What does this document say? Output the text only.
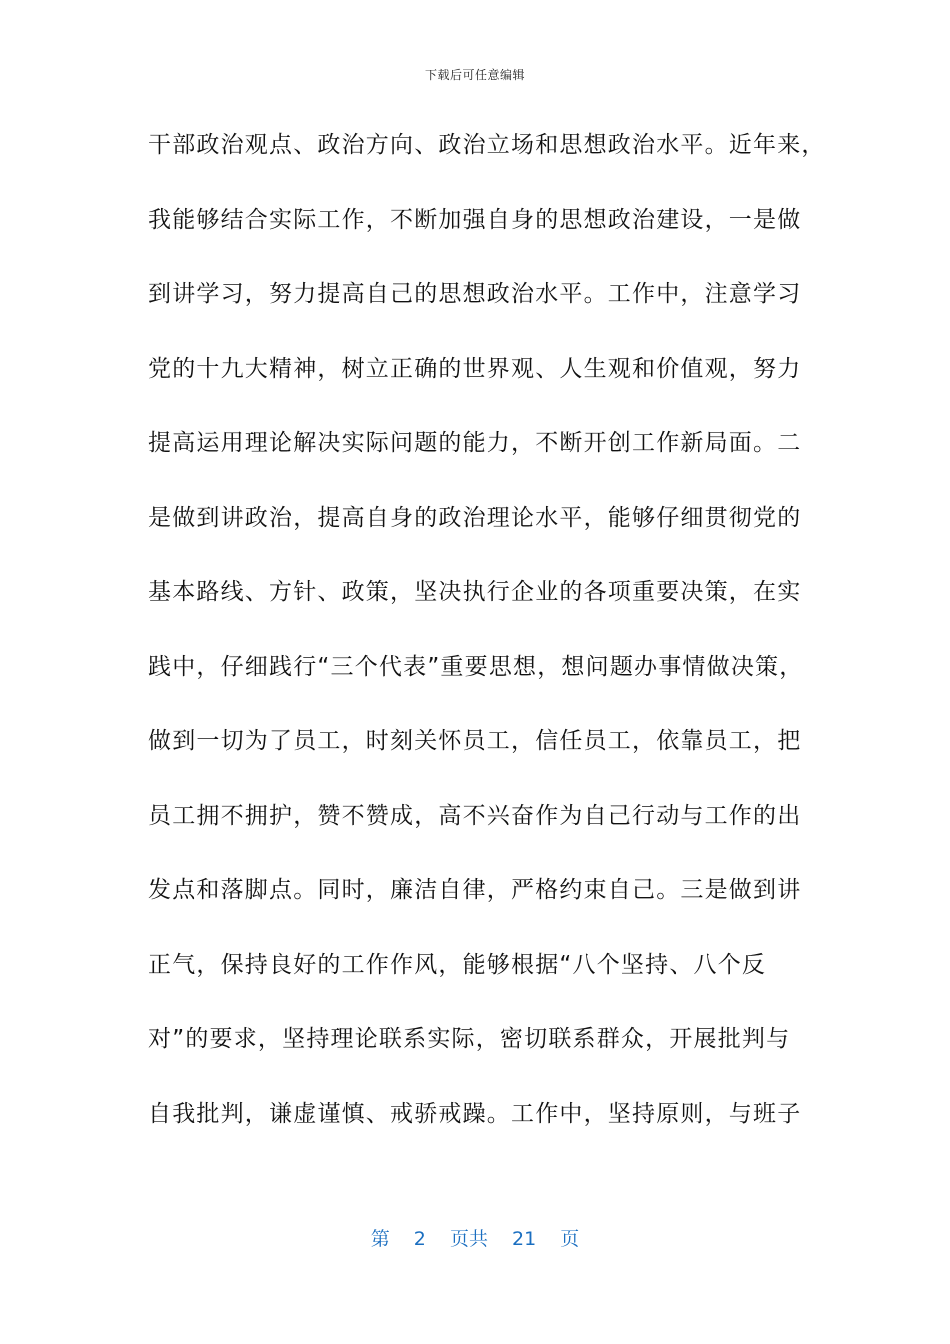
下载后可任意编辑
干部政治观点、政治方向、政治立场和思想政治水平。近年来，
我能够结合实际工作，不断加强自身的思想政治建设，一是做
到讲学习，努力提高自己的思想政治水平。工作中，注意学习
党的十九大精神，树立正确的世界观、人生观和价值观，努力
提高运用理论解决实际问题的能力，不断开创工作新局面。二
是做到讲政治，提高自身的政治理论水平，能够仔细贯彻党的
基本路线、方针、政策，坚决执行企业的各项重要决策，在实
践中，仔细践行“三个代表”重要思想，想问题办事情做决策，
做到一切为了员工，时刻关怀员工，信任员工，依靠员工，把
员工拥不拥护，赞不赞成，高不兴奋作为自己行动与工作的出
发点和落脚点。同时，廉洁自律，严格约束自己。三是做到讲
正气，保持良好的工作作风，能够根据“八个坚持、八个反
对”的要求，坚持理论联系实际，密切联系群众，开展批判与
自我批判，谦虚谨慎、戒骄戒躁。工作中，坚持原则，与班子
第 2 页共 21 页
